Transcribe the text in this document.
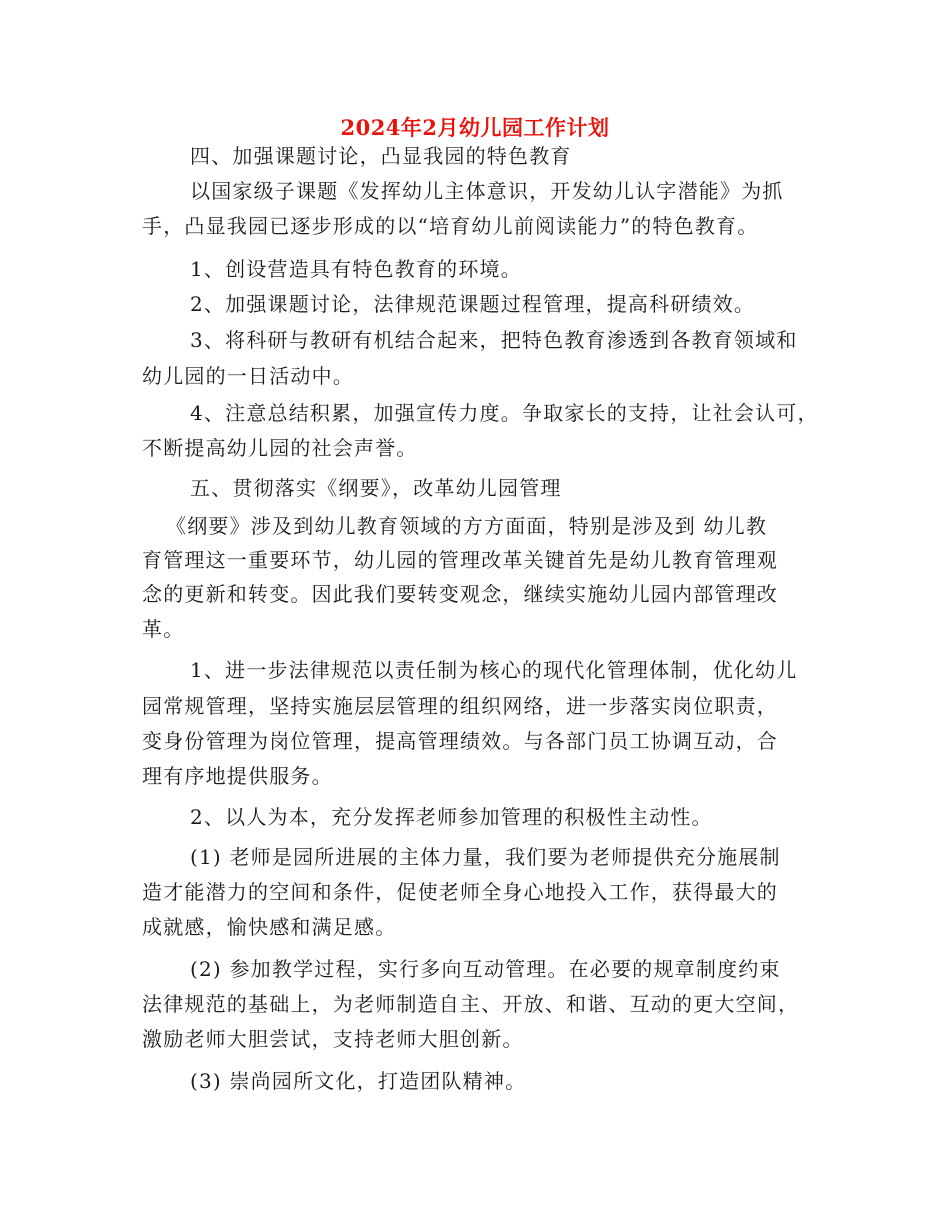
2024年2月幼儿园工作计划

四、加强课题讨论，凸显我园的特色教育

以国家级子课题《发挥幼儿主体意识，开发幼儿认字潜能》为抓

手，凸显我园已逐步形成的以“培育幼儿前阅读能力”的特色教育。

1、创设营造具有特色教育的环境。

2、加强课题讨论，法律规范课题过程管理，提高科研绩效。

3、将科研与教研有机结合起来，把特色教育渗透到各教育领域和

幼儿园的一日活动中。

4、注意总结积累，加强宣传力度。争取家长的支持，让社会认可，

不断提高幼儿园的社会声誉。

五、贯彻落实《纲要》，改革幼儿园管理

《纲要》涉及到幼儿教育领域的方方面面，特别是涉及到 幼儿教

育管理这一重要环节，幼儿园的管理改革关键首先是幼儿教育管理观

念的更新和转变。因此我们要转变观念，继续实施幼儿园内部管理改

革。

1、进一步法律规范以责任制为核心的现代化管理体制，优化幼儿

园常规管理，坚持实施层层管理的组织网络，进一步落实岗位职责，

变身份管理为岗位管理，提高管理绩效。与各部门员工协调互动，合

理有序地提供服务。

2、以人为本，充分发挥老师参加管理的积极性主动性。

(1) 老师是园所进展的主体力量，我们要为老师提供充分施展制

造才能潜力的空间和条件，促使老师全身心地投入工作，获得最大的

成就感，愉快感和满足感。

(2) 参加教学过程，实行多向互动管理。在必要的规章制度约束

法律规范的基础上，为老师制造自主、开放、和谐、互动的更大空间，

激励老师大胆尝试，支持老师大胆创新。

(3) 崇尚园所文化，打造团队精神。
